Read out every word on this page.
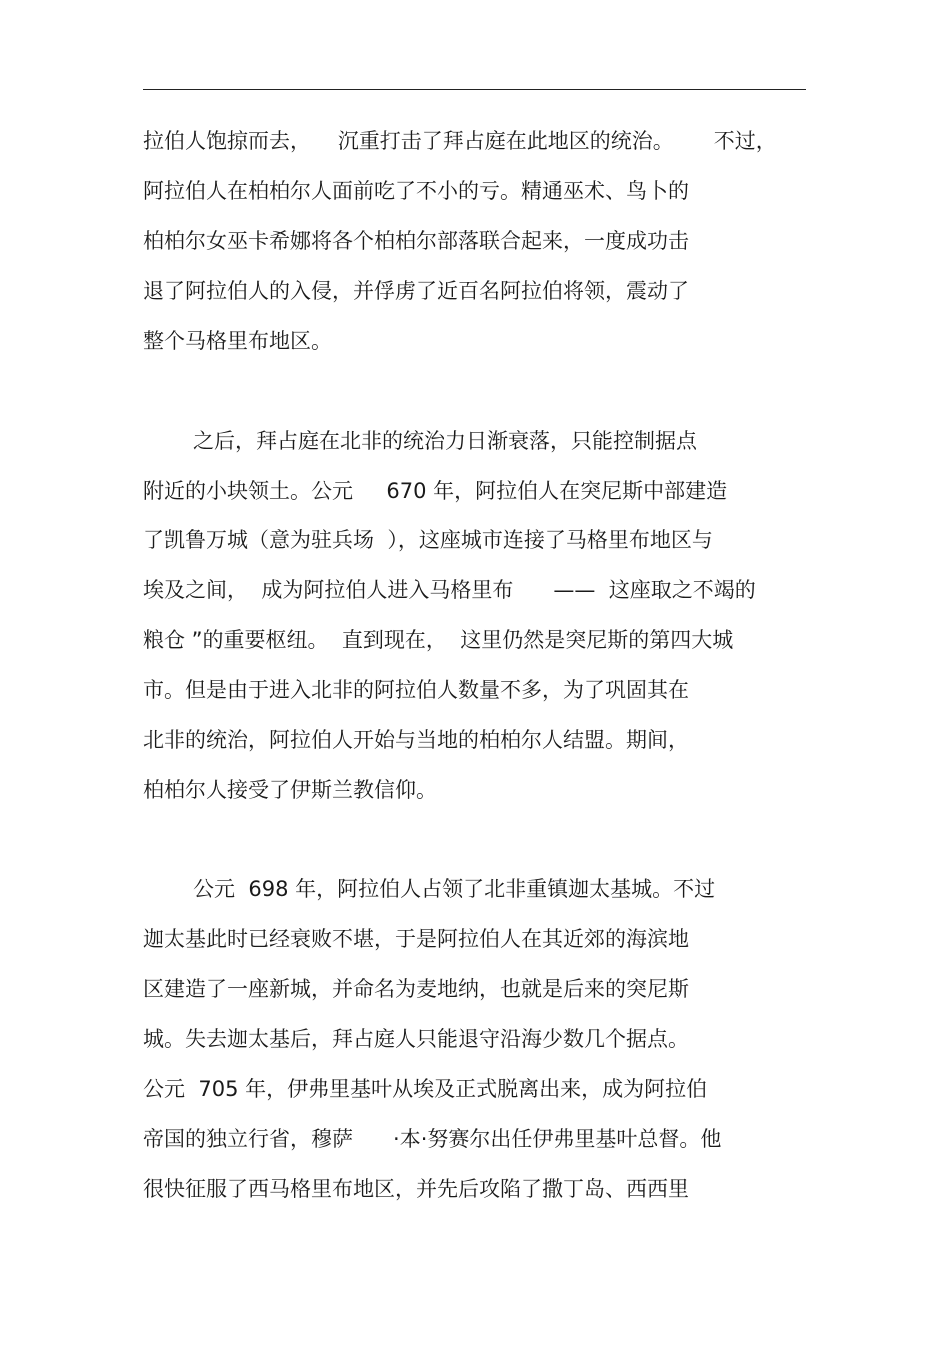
拉伯人饱掠而去，    沉重打击了拜占庭在此地区的统治。      不过，

阿拉伯人在柏柏尔人面前吃了不小的亏。精通巫术、鸟卜的

柏柏尔女巫卡希娜将各个柏柏尔部落联合起来，一度成功击

退了阿拉伯人的入侵，并俘虏了近百名阿拉伯将领，震动了

整个马格里布地区。

之后，拜占庭在北非的统治力日渐衰落，只能控制据点

附近的小块领土。公元     670 年，阿拉伯人在突尼斯中部建造

了凯鲁万城（意为驻兵场  ），这座城市连接了马格里布地区与

埃及之间，  成为阿拉伯人进入马格里布      ——  这座取之不竭的

粮仓 ”的重要枢纽。  直到现在，  这里仍然是突尼斯的第四大城

市。但是由于进入北非的阿拉伯人数量不多，为了巩固其在

北非的统治，阿拉伯人开始与当地的柏柏尔人结盟。期间，

柏柏尔人接受了伊斯兰教信仰。

公元  698 年，阿拉伯人占领了北非重镇迦太基城。不过

迦太基此时已经衰败不堪，于是阿拉伯人在其近郊的海滨地

区建造了一座新城，并命名为麦地纳，也就是后来的突尼斯

城。失去迦太基后，拜占庭人只能退守沿海少数几个据点。

公元  705 年，伊弗里基叶从埃及正式脱离出来，成为阿拉伯

帝国的独立行省，穆萨      ·本·努赛尔出任伊弗里基叶总督。他

很快征服了西马格里布地区，并先后攻陷了撒丁岛、西西里
